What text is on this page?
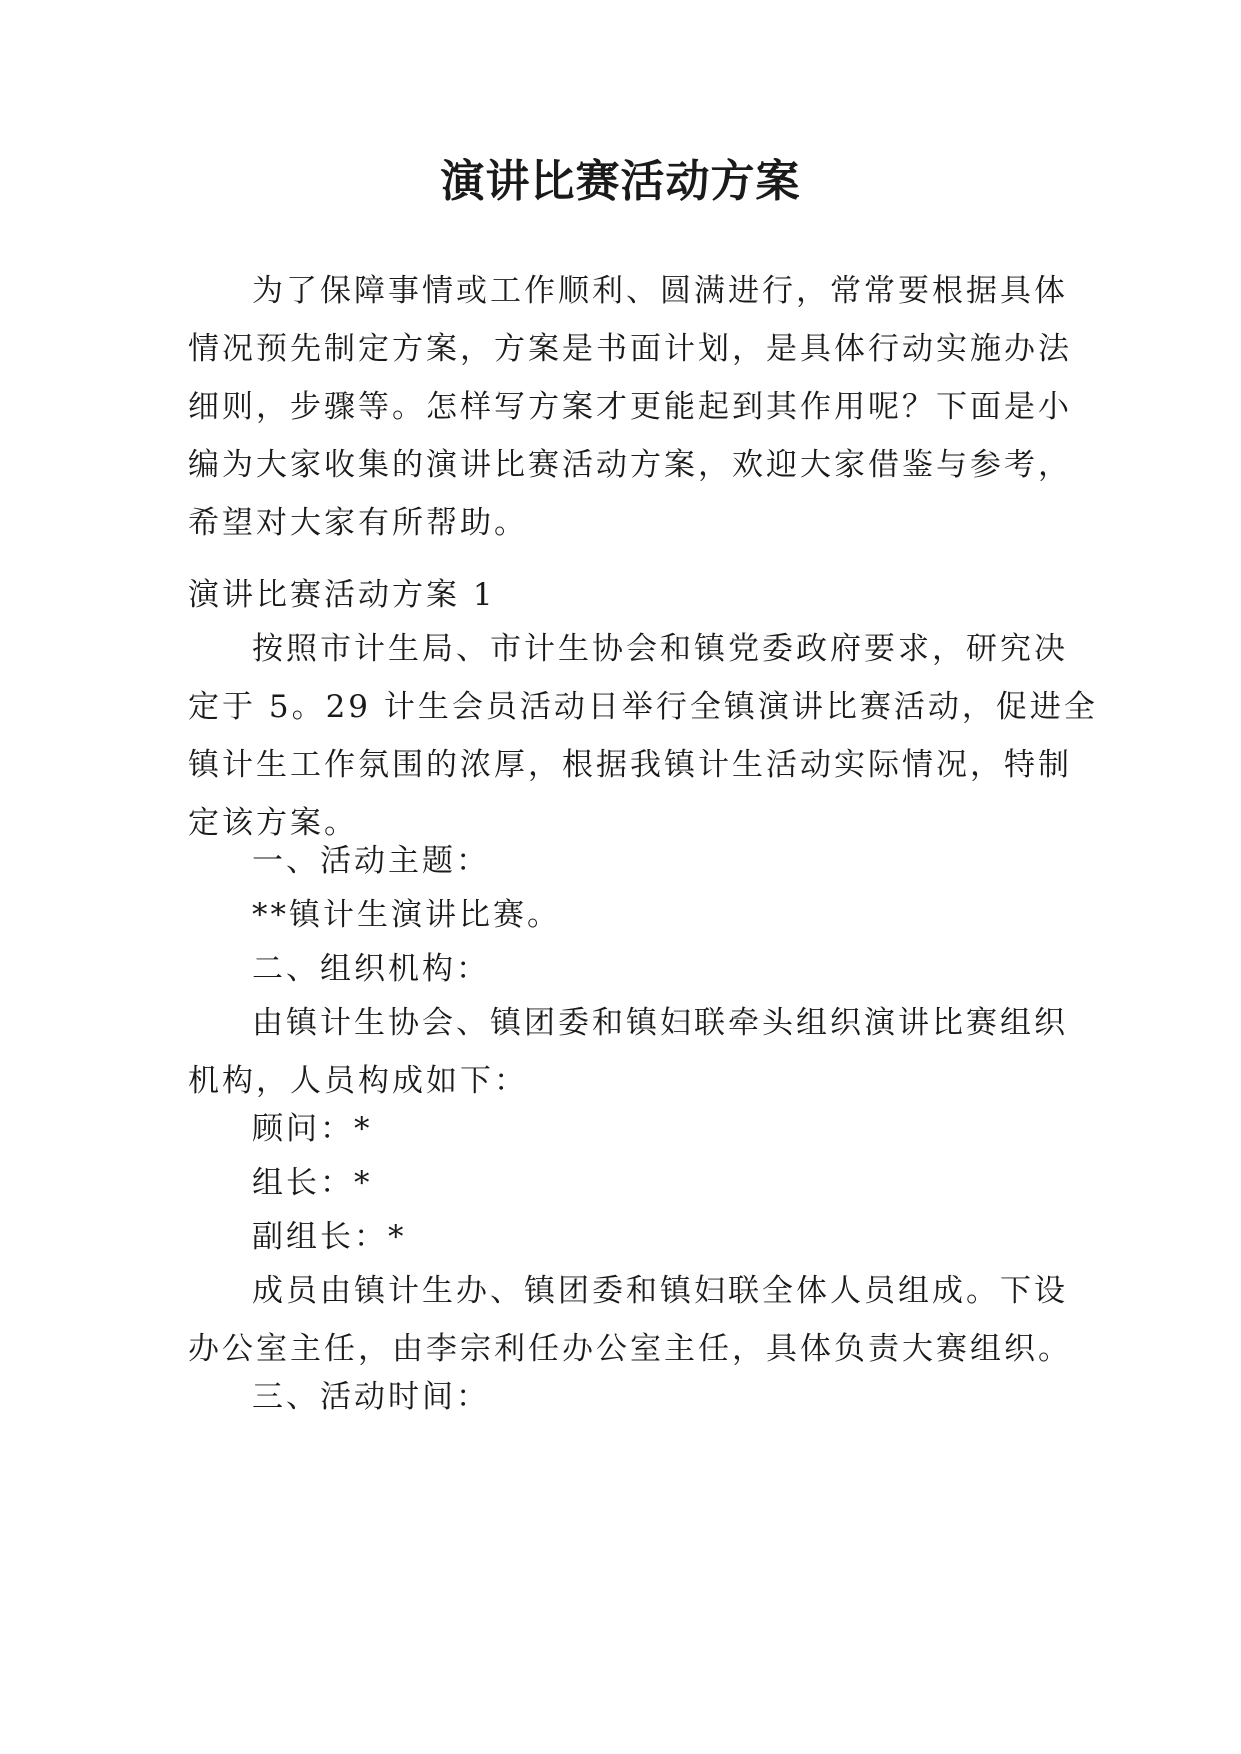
演讲比赛活动方案
为了保障事情或工作顺利、圆满进行，常常要根据具体
情况预先制定方案，方案是书面计划，是具体行动实施办法
细则，步骤等。怎样写方案才更能起到其作用呢？下面是小
编为大家收集的演讲比赛活动方案，欢迎大家借鉴与参考，
希望对大家有所帮助。
演讲比赛活动方案 1
按照市计生局、市计生协会和镇党委政府要求，研究决
定于 5。29 计生会员活动日举行全镇演讲比赛活动，促进全
镇计生工作氛围的浓厚，根据我镇计生活动实际情况，特制
定该方案。
一、活动主题：
**镇计生演讲比赛。
二、组织机构：
由镇计生协会、镇团委和镇妇联牵头组织演讲比赛组织
机构，人员构成如下：
顾问：*
组长：*
副组长：*
成员由镇计生办、镇团委和镇妇联全体人员组成。下设
办公室主任，由李宗利任办公室主任，具体负责大赛组织。
三、活动时间：
